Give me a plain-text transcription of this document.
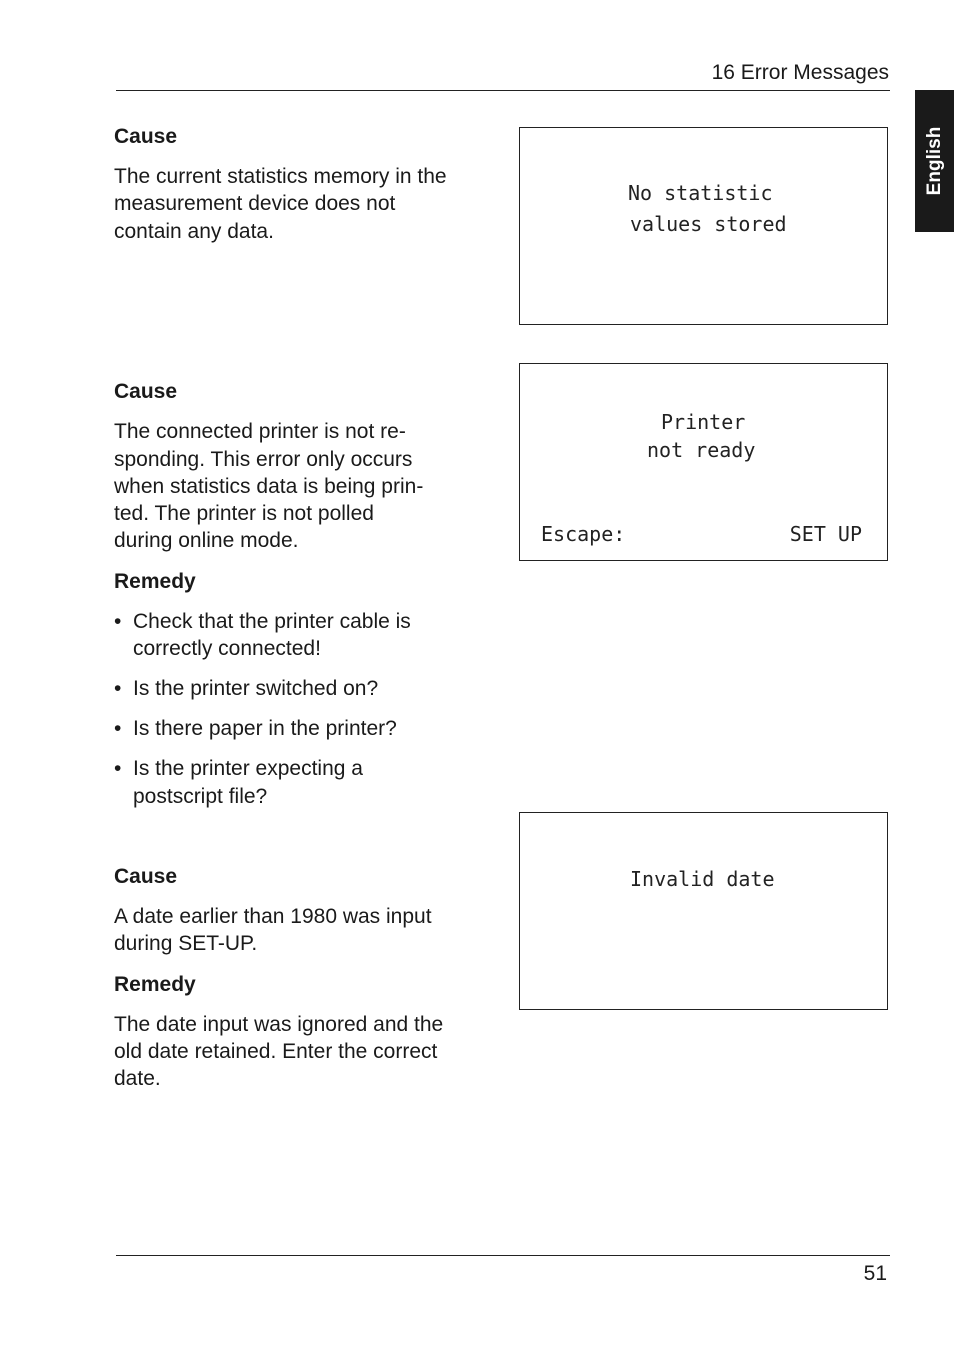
16 Error Messages
English
Cause
The current statistics memory in the
measurement device does not
contain any data.
No statistic
values stored
Cause
The connected printer is not re-
sponding. This error only occurs
when statistics data is being prin-
ted. The printer is not polled
during online mode.
Remedy
• Check that the printer cable is
correctly connected!
• Is the printer switched on?
• Is there paper in the printer?
• Is the printer expecting a
postscript file?
Printer
not ready
Escape:	SET UP
Cause
A date earlier than 1980 was input
during SET-UP.
Remedy
The date input was ignored and the
old date retained. Enter the correct
date.
Invalid date
51
